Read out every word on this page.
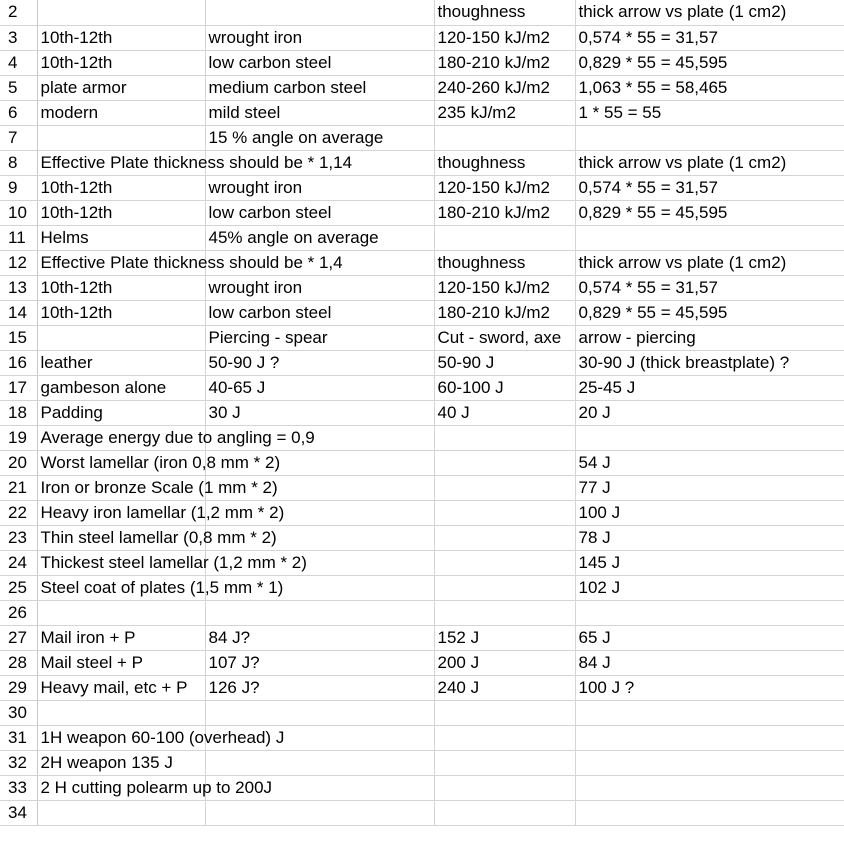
2			thoughness	thick arrow vs plate (1 cm2)
3	10th-12th	wrought iron	120-150 kJ/m2	0,574 * 55 = 31,57
4	10th-12th	low carbon steel	180-210 kJ/m2	0,829 * 55 = 45,595
5	plate armor	medium carbon steel	240-260 kJ/m2	1,063 * 55 = 58,465
6	modern	mild steel	235 kJ/m2	1 * 55 = 55
7		15 % angle on average		
8	Effective Plate thickness should be * 1,14		thoughness	thick arrow vs plate (1 cm2)
9	10th-12th	wrought iron	120-150 kJ/m2	0,574 * 55 = 31,57
10	10th-12th	low carbon steel	180-210 kJ/m2	0,829 * 55 = 45,595
11	Helms	45% angle on average		
12	Effective Plate thickness should be * 1,4		thoughness	thick arrow vs plate (1 cm2)
13	10th-12th	wrought iron	120-150 kJ/m2	0,574 * 55 = 31,57
14	10th-12th	low carbon steel	180-210 kJ/m2	0,829 * 55 = 45,595
15		Piercing - spear	Cut - sword, axe	arrow - piercing
16	leather	50-90 J ?	50-90 J	30-90 J (thick breastplate) ?
17	gambeson alone	40-65 J	60-100 J	25-45 J
18	Padding	30 J	40 J	20 J
19	Average energy due to angling = 0,9			
20	Worst lamellar (iron 0,8 mm * 2)			54 J
21	Iron or bronze Scale (1 mm * 2)			77 J
22	Heavy iron lamellar (1,2 mm * 2)			100 J
23	Thin steel lamellar (0,8 mm * 2)			78 J
24	Thickest steel lamellar (1,2 mm * 2)			145 J
25	Steel coat of plates (1,5 mm * 1)			102 J
26				
27	Mail iron + P	84 J?	152 J	65 J
28	Mail steel + P	107 J?	200 J	84 J
29	Heavy mail, etc + P	126 J?	240 J	100 J ?
30				
31	1H weapon 60-100 (overhead) J			
32	2H weapon 135 J			
33	2 H cutting polearm up to 200J			
34				
